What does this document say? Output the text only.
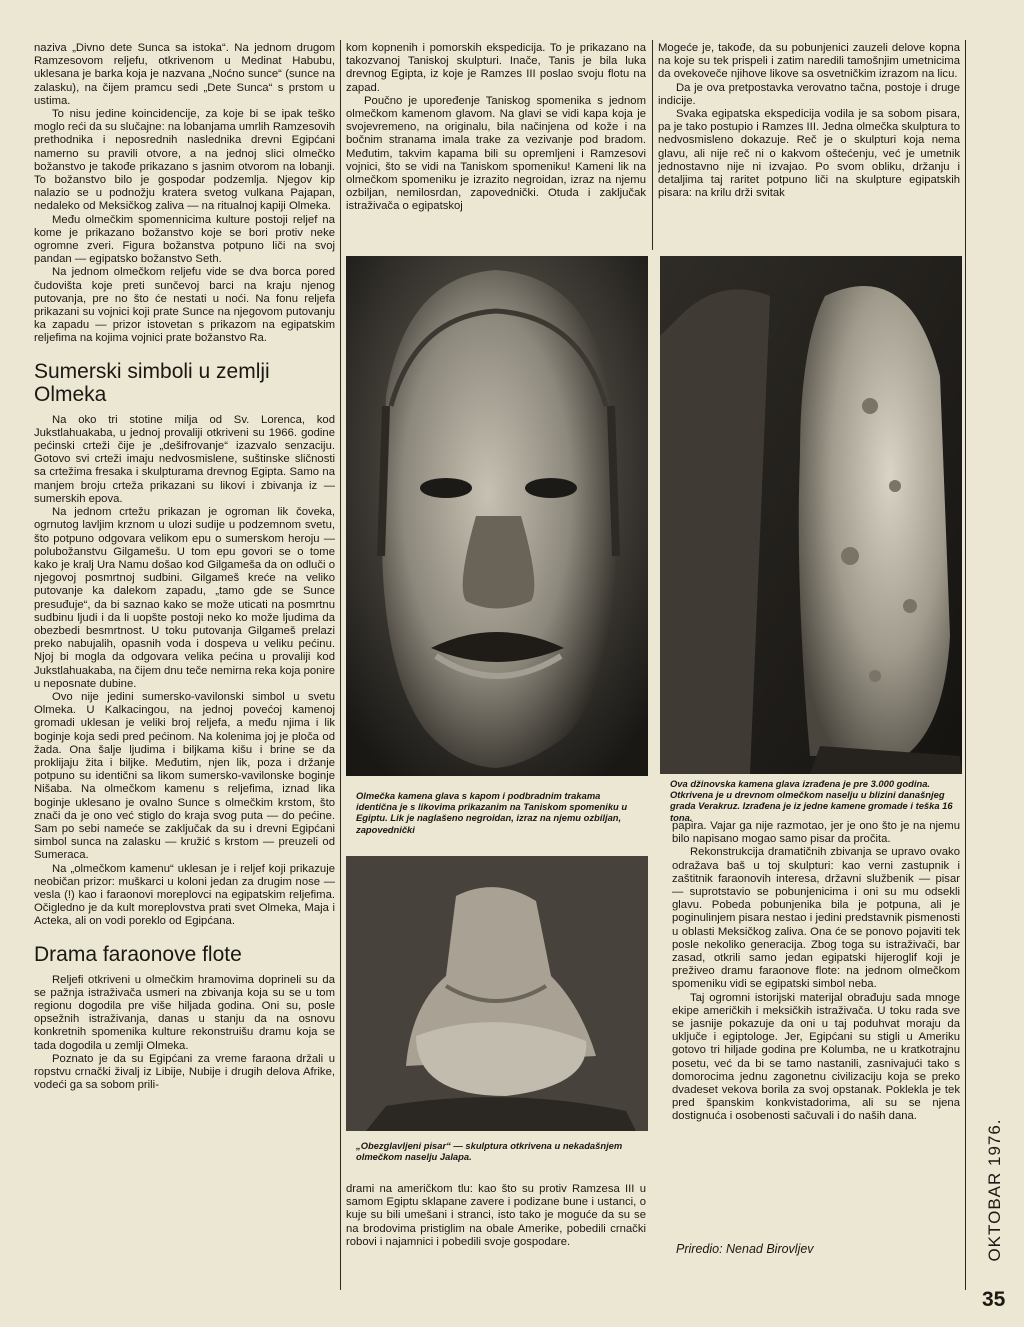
naziva „Divno dete Sunca sa istoka“. Na jednom drugom Ramzesovom reljefu, otkrivenom u Medinat Habubu, uklesana je barka koja je nazvana „Noćno sunce“ (sunce na zalasku), na čijem pramcu sedi „Dete Sunca“ s prstom u ustima.

To nisu jedine koincidencije, za koje bi se ipak teško moglo reći da su slučajne: na lobanjama umrlih Ramzesovih prethodnika i neposrednih naslednika drevni Egipćani namerno su pravili otvore, a na jednoj slici olmečko božanstvo je takođe prikazano s jasnim otvorom na lobanji. To božanstvo bilo je gospodar podzemlja. Njegov kip nalazio se u podnožju kratera svetog vulkana Pajapan, nedaleko od Meksičkog zaliva — na ritualnoj kapiji Olmeka.

Među olmečkim spomennicima kulture postoji reljef na kome je prikazano božanstvo koje se bori protiv neke ogromne zveri. Figura božanstva potpuno liči na svoj pandan — egipatsko božanstvo Seth.

Na jednom olmečkom reljefu vide se dva borca pored čudovišta koje preti sunčevoj barci na kraju njenog putovanja, pre no što će nestati u noći. Na fonu reljefa prikazani su vojnici koji prate Sunce na njegovom putovanju ka zapadu — prizor istovetan s prikazom na egipatskim reljefima na kojima vojnici prate božanstvo Ra.

Sumerski simboli u zemlji Olmeka

Na oko tri stotine milja od Sv. Lorenca, kod Jukstlahuakaba, u jednoj provaliji otkriveni su 1966. godine pećinski crteži čije je „dešifrovanje“ izazvalo senzaciju. Gotovo svi crteži imaju nedvosmislene, suštinske sličnosti sa crtežima fresaka i skulpturama drevnog Egipta. Samo na manjem broju crteža prikazani su likovi i zbivanja iz — sumerskih epova.

Na jednom crtežu prikazan je ogroman lik čoveka, ogrnutog lavljim krznom u ulozi sudije u podzemnom svetu, što potpuno odgovara velikom epu o sumerskom heroju — polubožanstvu Gilgamešu. U tom epu govori se o tome kako je kralj Ura Namu došao kod Gilgameša da on odluči o njegovoj posmrtnoj sudbini. Gilgameš kreće na veliko putovanje ka dalekom zapadu, „tamo gde se Sunce presuđuje“, da bi saznao kako se može uticati na posmrtnu sudbinu ljudi i da li uopšte postoji neko ko može ljudima da obezbedi besmrtnost. U toku putovanja Gilgameš prelazi preko nabujalih, opasnih voda i dospeva u veliku pećinu. Njoj bi mogla da odgovara velika pećina u provaliji kod Jukstlahuakaba, na čijem dnu teče nemirna reka koja ponire u neposnate dubine.

Ovo nije jedini sumersko-vavilonski simbol u svetu Olmeka. U Kalkacingou, na jednoj povećoj kamenoj gromadi uklesan je veliki broj reljefa, a među njima i lik boginje koja sedi pred pećinom. Na kolenima joj je ploča od žada. Ona šalje ljudima i biljkama kišu i brine se da proklijaju žita i biljke. Međutim, njen lik, poza i držanje potpuno su identični sa likom sumersko-vavilonske boginje Nišaba. Na olmečkom kamenu s reljefima, iznad lika boginje uklesano je ovalno Sunce s olmečkim krstom, što znači da je ono već stiglo do kraja svog puta — do pećine. Sam po sebi nameće se zaključak da su i drevni Egipćani simbol sunca na zalasku — kružić s krstom — preuzeli od Sumeraca.

Na „olmečkom kamenu“ uklesan je i reljef koji prikazuje neobičan prizor: muškarci u koloni jedan za drugim nose — vesla (!) kao i faraonovi moreplovci na egipatskim reljefima. Očigledno je da kult moreplovstva prati svet Olmeka, Maja i Acteka, ali on vodi poreklo od Egipćana.

Drama faraonove flote

Reljefi otkriveni u olmečkim hramovima doprineli su da se pažnja istraživača usmeri na zbivanja koja su se u tom regionu dogodila pre više hiljada godina. Oni su, posle opsežnih istraživanja, danas u stanju da na osnovu konkretnih spomenika kulture rekonstruišu dramu koja se tada dogodila u zemlji Olmeka.

Poznato je da su Egipćani za vreme faraona držali u ropstvu crnački živalj iz Libije, Nubije i drugih delova Afrike, vodeći ga sa sobom prili-

kom kopnenih i pomorskih ekspedicija. To je prikazano na takozvanoj Taniskoj skulpturi. Inače, Tanis je bila luka drevnog Egipta, iz koje je Ramzes III poslao svoju flotu na zapad.

Poučno je upoređenje Taniskog spomenika s jednom olmečkom kamenom glavom. Na glavi se vidi kapa koja je svojevremeno, na originalu, bila načinjena od kože i na bočnim stranama imala trake za vezivanje pod bradom. Međutim, takvim kapama bili su opremljeni i Ramzesovi vojnici, što se vidi na Taniskom spomeniku! Kameni lik na olmečkom spomeniku je izrazito negroidan, izraz na njemu ozbiljan, nemilosrdan, zapovednički. Otuda i zaključak istraživača o egipatskoj

Olmečka kamena glava s kapom i podbradnim trakama identična je s likovima prikazanim na Taniskom spomeniku u Egiptu. Lik je naglašeno negroidan, izraz na njemu ozbiljan, zapovednički
„Obezglavljeni pisar“ — skulptura otkrivena u nekadašnjem olmečkom naselju Jalapa.

drami na američkom tlu: kao što su protiv Ramzesa III u samom Egiptu sklapane zavere i podizane bune i ustanci, o kuje su bili umešani i stranci, isto tako je moguće da su se na brodovima pristiglim na obale Amerike, pobedili crnački robovi i najamnici i pobedili svoje gospodare.

Mogeće je, takođe, da su pobunjenici zauzeli delove kopna na koje su tek prispeli i zatim naredili tamošnjim umetnicima da ovekoveče njihove likove sa osvetničkim izrazom na licu.

Da je ova pretpostavka verovatno tačna, postoje i druge indicije.

Svaka egipatska ekspedicija vodila je sa sobom pisara, pa je tako postupio i Ramzes III. Jedna olmečka skulptura to nedvosmisleno dokazuje. Reč je o skulpturi koja nema glavu, ali nije reč ni o kakvom oštećenju, već je umetnik jednostavno nije ni izvajao. Po svom obliku, držanju i detaljima taj raritet potpuno liči na skulpture egipatskih pisara: na krilu drži svitak

Ova džinovska kamena glava izrađena je pre 3.000 godina. Otkrivena je u drevnom olmečkom naselju u blizini današnjeg grada Verakruz. Izrađena je iz jedne kamene gromade i teška 16 tona.

papira. Vajar ga nije razmotao, jer je ono što je na njemu bilo napisano mogao samo pisar da pročita.

Rekonstrukcija dramatičnih zbivanja se upravo ovako odražava baš u toj skulpturi: kao verni zastupnik i zaštitnik faraonovih interesa, državni službenik — pisar — suprotstavio se pobunjenicima i oni su mu odsekli glavu. Pobeda pobunjenika bila je potpuna, ali je poginulinjem pisara nestao i jedini predstavnik pismenosti u oblasti Meksičkog zaliva. Ona će se ponovo pojaviti tek posle nekoliko generacija. Zbog toga su istraživači, bar zasad, otkrili samo jedan egipatski hijeroglif koji je preživeo dramu faraonove flote: na jednom olmečkom spomeniku vidi se egipatski simbol neba.

Taj ogromni istorijski materijal obrađuju sada mnoge ekipe američkih i meksičkih istraživača. U toku rada sve se jasnije pokazuje da oni u taj poduhvat moraju da uključe i egiptologe. Jer, Egipćani su stigli u Ameriku gotovo tri hiljade godina pre Kolumba, ne u kratkotrajnu posetu, već da bi se tamo nastanili, zasnivajući tako s domorocima jednu zagonetnu civilizaciju koja se preko dvadeset vekova borila za svoj opstanak. Poklekla je tek pred španskim konkvistadorima, ali su se njena dostignuća i osobenosti sačuvali i do naših dana.

Priredio: Nenad Birovljev	OKTOBAR 1976.
35
